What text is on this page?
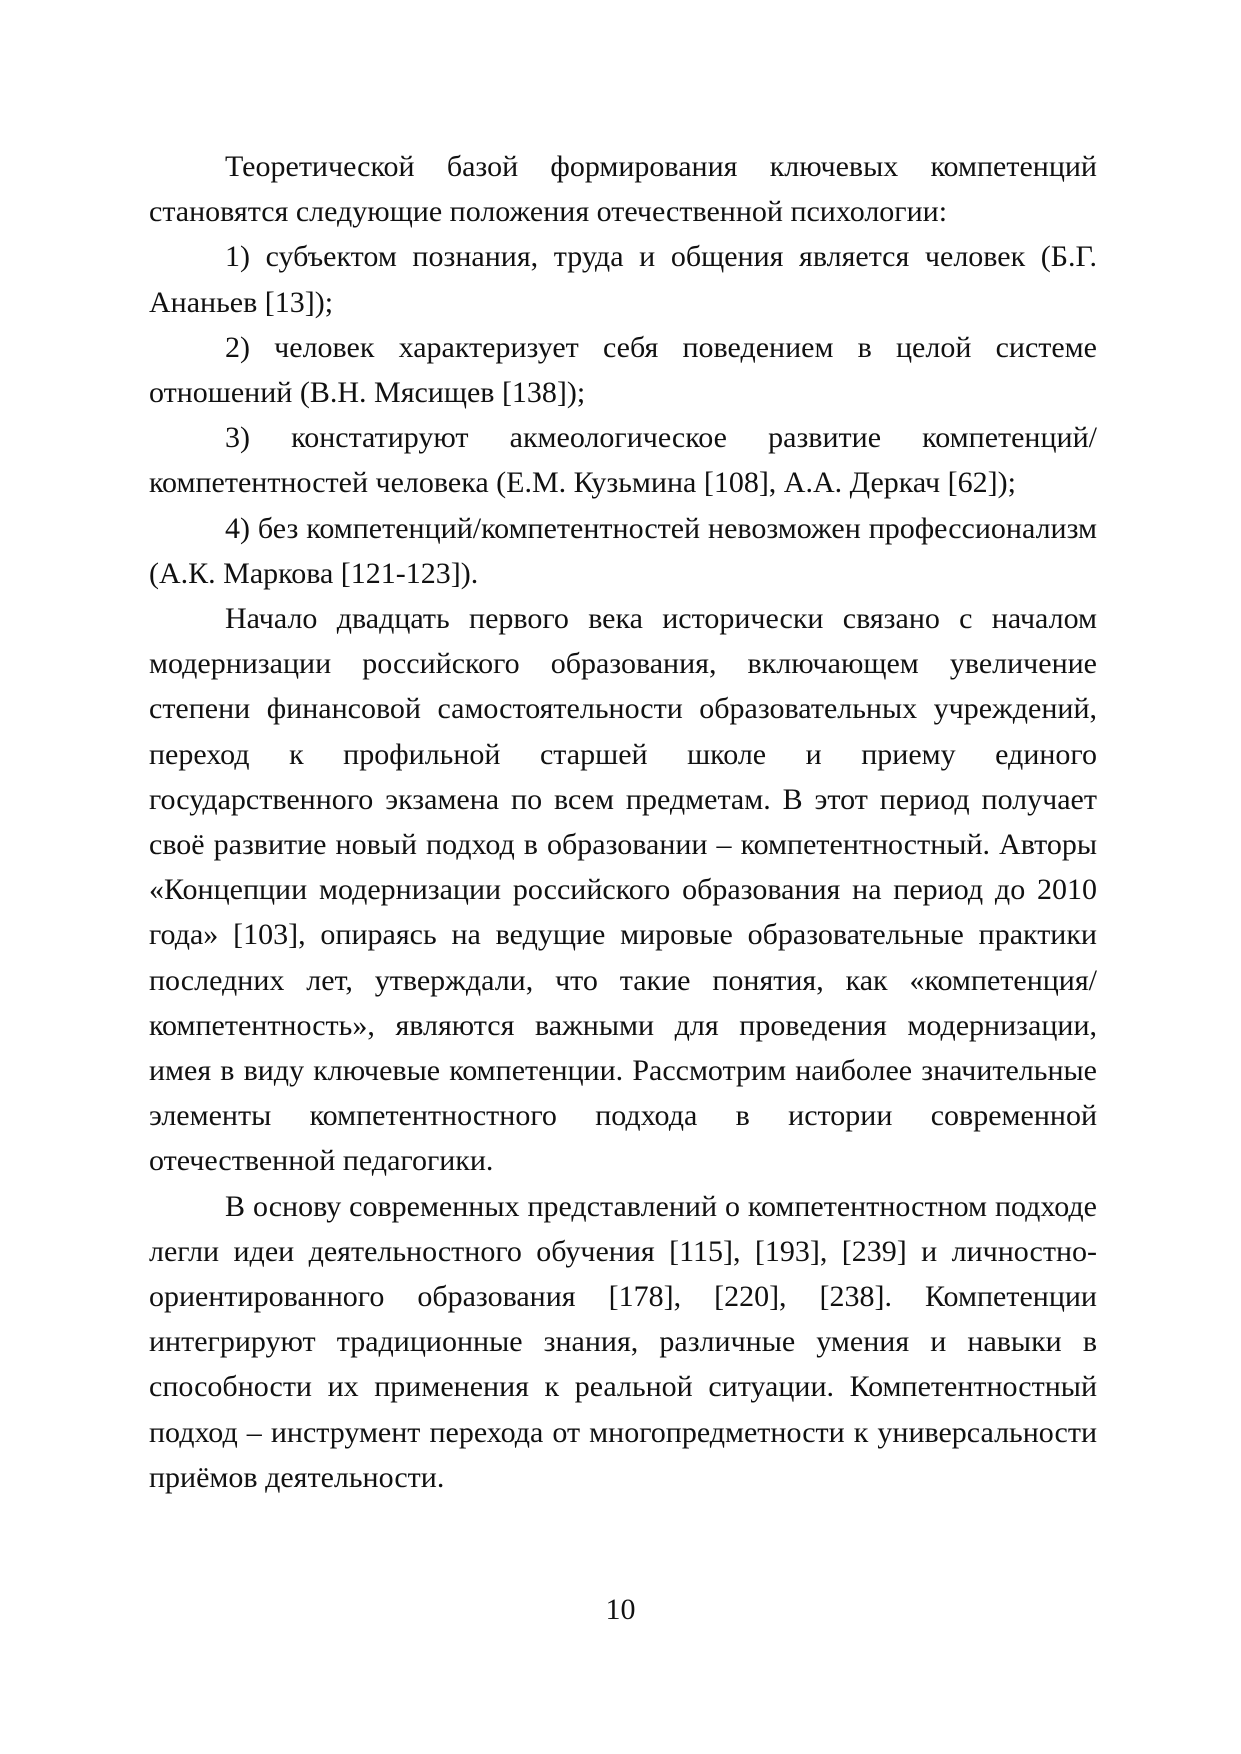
Теоретической базой формирования ключевых компетенций становятся следующие положения отечественной психологии:

1) субъектом познания, труда и общения является человек (Б.Г. Ананьев [13]);

2) человек характеризует себя поведением в целой системе отношений (В.Н. Мясищев [138]);

3) констатируют акмеологическое развитие компетенций/ компетентностей человека (Е.М. Кузьмина [108], А.А. Деркач [62]);

4) без компетенций/компетентностей невозможен профессионализм (А.К. Маркова [121-123]).

Начало двадцать первого века исторически связано с началом модернизации российского образования, включающем увеличение степени финансовой самостоятельности образовательных учреждений, переход к профильной старшей школе и приему единого государственного экзамена по всем предметам. В этот период получает своё развитие новый подход в образовании – компетентностный. Авторы «Концепции модернизации российского образования на период до 2010 года» [103], опираясь на ведущие мировые образовательные практики последних лет, утверждали, что такие понятия, как «компетенция/компетентность», являются важными для проведения модернизации, имея в виду ключевые компетенции. Рассмотрим наиболее значительные элементы компетентностного подхода в истории современной отечественной педагогики.

В основу современных представлений о компетентностном подходе легли идеи деятельностного обучения [115], [193], [239] и личностно-ориентированного образования [178], [220], [238]. Компетенции интегрируют традиционные знания, различные умения и навыки в способности их применения к реальной ситуации. Компетентностный подход – инструмент перехода от многопредметности к универсальности приёмов деятельности.

10
